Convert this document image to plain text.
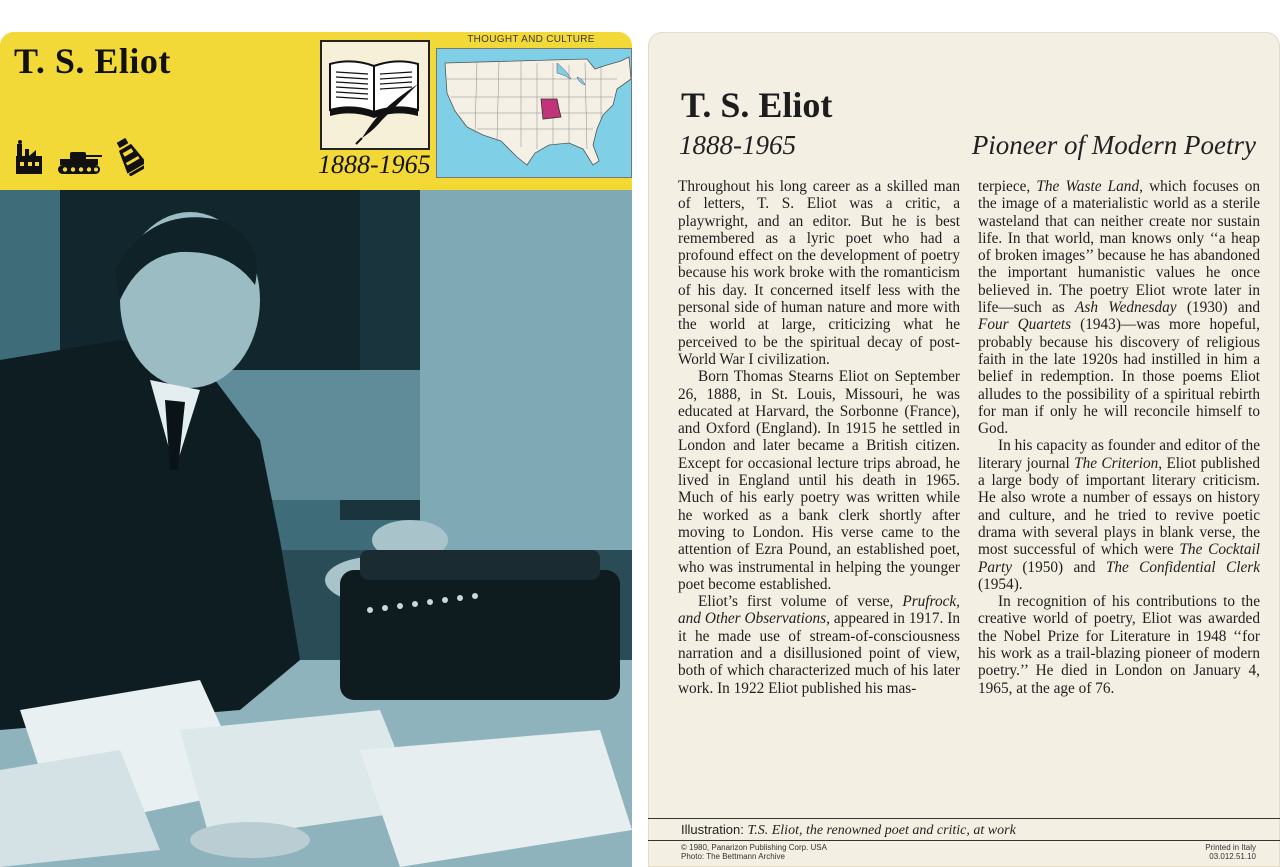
T. S. Eliot
1888-1965
THOUGHT AND CULTURE
T. S. Eliot
1888-1965	Pioneer of Modern Poetry

Throughout his long career as a skilled man of letters, T. S. Eliot was a critic, a playwright, and an editor. But he is best remembered as a lyric poet who had a profound effect on the development of poetry because his work broke with the romanticism of his day. It concerned itself less with the personal side of human nature and more with the world at large, criticizing what he perceived to be the spiritual decay of post-World War I civilization.

Born Thomas Stearns Eliot on September 26, 1888, in St. Louis, Missouri, he was educated at Harvard, the Sorbonne (France), and Oxford (England). In 1915 he settled in London and later became a British citizen. Except for occasional lecture trips abroad, he lived in England until his death in 1965. Much of his early poetry was written while he worked as a bank clerk shortly after moving to London. His verse came to the attention of Ezra Pound, an established poet, who was instrumental in helping the younger poet become established.

Eliot’s first volume of verse, Prufrock, and Other Observations, appeared in 1917. In it he made use of stream-of-consciousness narration and a disillusioned point of view, both of which characterized much of his later work. In 1922 Eliot published his mas-

terpiece, The Waste Land, which focuses on the image of a materialistic world as a sterile wasteland that can neither create nor sustain life. In that world, man knows only ‘‘a heap of broken images’’ because he has abandoned the important humanistic values he once believed in. The poetry Eliot wrote later in life—such as Ash Wednesday (1930) and Four Quartets (1943)—was more hopeful, probably because his discovery of religious faith in the late 1920s had instilled in him a belief in redemption. In those poems Eliot alludes to the possibility of a spiritual rebirth for man if only he will reconcile himself to God.

In his capacity as founder and editor of the literary journal The Criterion, Eliot published a large body of important literary criticism. He also wrote a number of essays on history and culture, and he tried to revive poetic drama with several plays in blank verse, the most successful of which were The Cocktail Party (1950) and The Confidential Clerk (1954).

In recognition of his contributions to the creative world of poetry, Eliot was awarded the Nobel Prize for Literature in 1948 ‘‘for his work as a trail-blazing pioneer of modern poetry.’’ He died in London on January 4, 1965, at the age of 76.

Illustration: T.S. Eliot, the renowned poet and critic, at work
© 1980, Panarizon Publishing Corp. USA
Photo: The Bettmann Archive
Printed in Italy
03.012.51.10
